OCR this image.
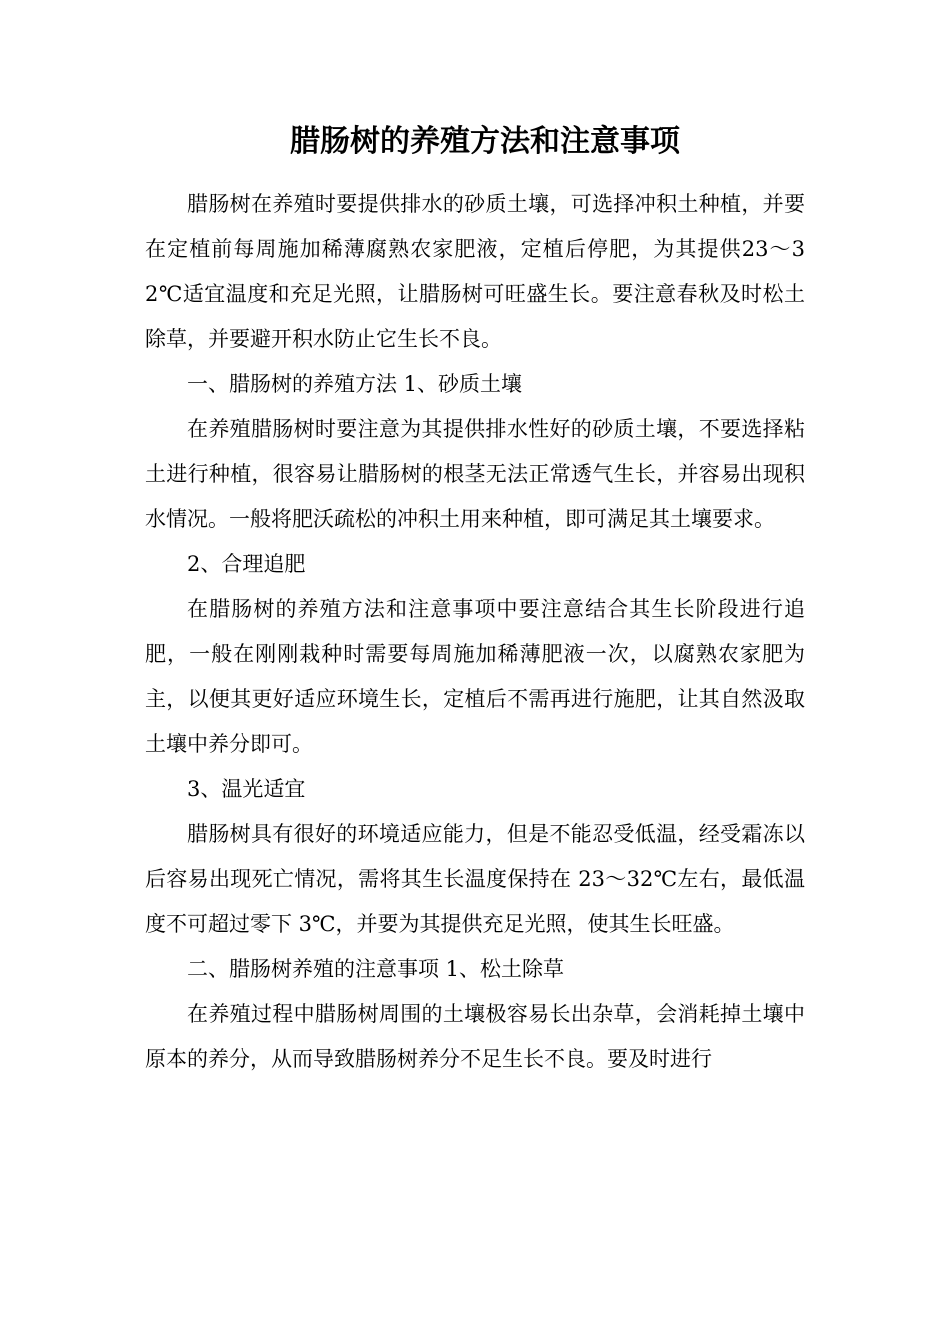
腊肠树的养殖方法和注意事项

腊肠树在养殖时要提供排水的砂质土壤，可选择冲积土种植，并要在定植前每周施加稀薄腐熟农家肥液，定植后停肥，为其提供23～32℃适宜温度和充足光照，让腊肠树可旺盛生长。要注意春秋及时松土除草，并要避开积水防止它生长不良。

一、腊肠树的养殖方法 1、砂质土壤

在养殖腊肠树时要注意为其提供排水性好的砂质土壤，不要选择粘土进行种植，很容易让腊肠树的根茎无法正常透气生长，并容易出现积水情况。一般将肥沃疏松的冲积土用来种植，即可满足其土壤要求。

2、合理追肥

在腊肠树的养殖方法和注意事项中要注意结合其生长阶段进行追肥，一般在刚刚栽种时需要每周施加稀薄肥液一次，以腐熟农家肥为主，以便其更好适应环境生长，定植后不需再进行施肥，让其自然汲取土壤中养分即可。

3、温光适宜

腊肠树具有很好的环境适应能力，但是不能忍受低温，经受霜冻以后容易出现死亡情况，需将其生长温度保持在 23～32℃左右，最低温度不可超过零下 3℃，并要为其提供充足光照，使其生长旺盛。

二、腊肠树养殖的注意事项 1、松土除草

在养殖过程中腊肠树周围的土壤极容易长出杂草，会消耗掉土壤中原本的养分，从而导致腊肠树养分不足生长不良。要及时进行
